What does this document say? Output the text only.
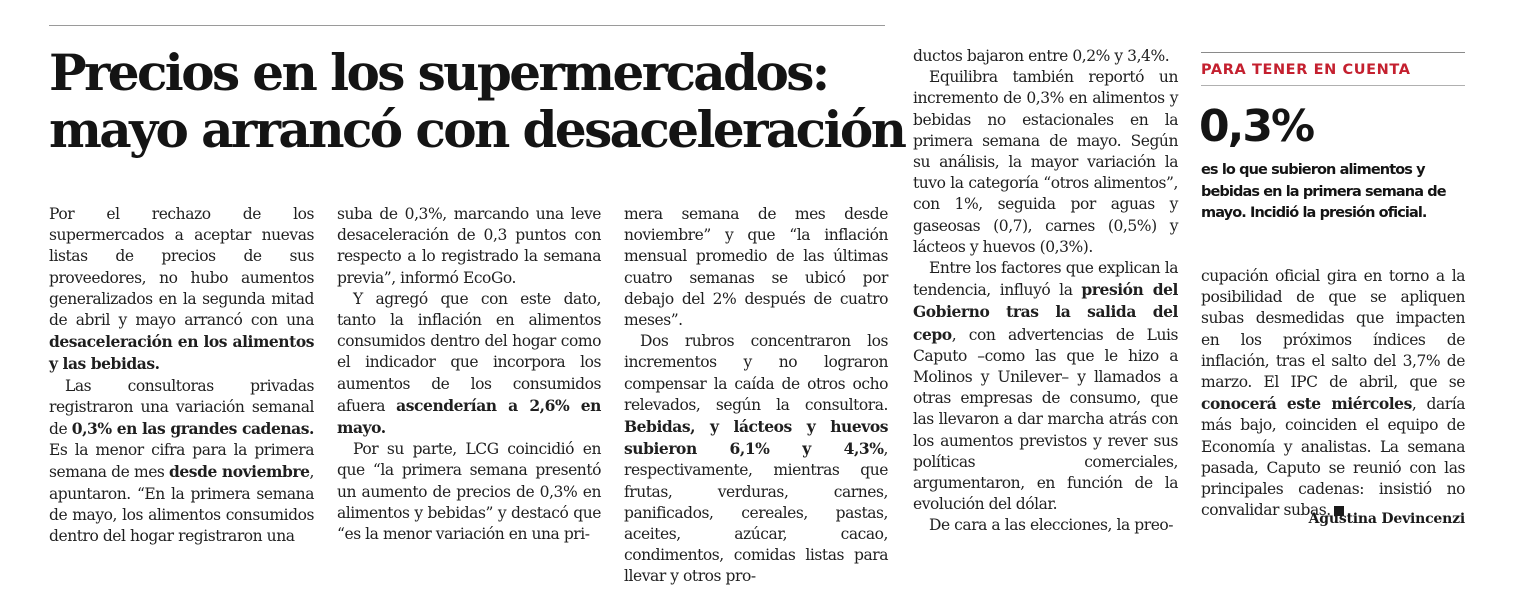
Precios en los supermercados:
mayo arrancó con desaceleración

Por el rechazo de los supermercados a aceptar nuevas listas de precios de sus proveedores, no hubo aumentos generalizados en la segunda mitad de abril y mayo arrancó con una desaceleración en los alimentos y las bebidas.

Las consultoras privadas registraron una variación semanal de 0,3% en las grandes cadenas. Es la menor cifra para la primera semana de mes desde noviembre, apuntaron. “En la primera semana de mayo, los alimentos consumidos dentro del hogar registraron una

suba de 0,3%, marcando una leve desaceleración de 0,3 puntos con respecto a lo registrado la semana previa”, informó EcoGo.

Y agregó que con este dato, tanto la inflación en alimentos consumidos dentro del hogar como el indicador que incorpora los aumentos de los consumidos afuera ascenderían a 2,6% en mayo.

Por su parte, LCG coincidió en que “la primera semana presentó un aumento de precios de 0,3% en alimentos y bebidas” y destacó que “es la menor variación en una pri-

mera semana de mes desde noviembre” y que “la inflación mensual promedio de las últimas cuatro semanas se ubicó por debajo del 2% después de cuatro meses”.

Dos rubros concentraron los incrementos y no lograron compensar la caída de otros ocho relevados, según la consultora. Bebidas, y lácteos y huevos subieron 6,1% y 4,3%, respectivamente, mientras que frutas, verduras, carnes, panificados, cereales, pastas, aceites, azúcar, cacao, condimentos, comidas listas para llevar y otros pro-

ductos bajaron entre 0,2% y 3,4%.

Equilibra también reportó un incremento de 0,3% en alimentos y bebidas no estacionales en la primera semana de mayo. Según su análisis, la mayor variación la tuvo la categoría “otros alimentos”, con 1%, seguida por aguas y gaseosas (0,7), carnes (0,5%) y lácteos y huevos (0,3%).

Entre los factores que explican la tendencia, influyó la presión del Gobierno tras la salida del cepo, con advertencias de Luis Caputo –como las que le hizo a Molinos y Unilever– y llamados a otras empresas de consumo, que las llevaron a dar marcha atrás con los aumentos previstos y rever sus políticas comerciales, argumentaron, en función de la evolución del dólar.

De cara a las elecciones, la preo-

cupación oficial gira en torno a la posibilidad de que se apliquen subas desmedidas que impacten en los próximos índices de inflación, tras el salto del 3,7% de marzo. El IPC de abril, que se conocerá este miércoles, daría más bajo, coinciden el equipo de Economía y analistas. La semana pasada, Caputo se reunió con las principales cadenas: insistió no convalidar subas.

PARA TENER EN CUENTA
0,3%
es lo que subieron alimentos y bebidas en la primera semana de mayo. Incidió la presión oficial.
Agustina Devincenzi
